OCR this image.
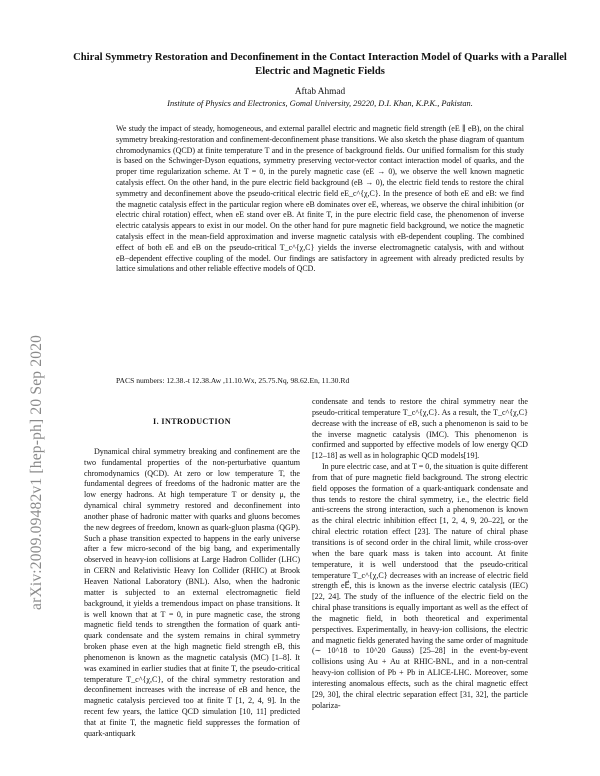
arXiv:2009.09482v1 [hep-ph] 20 Sep 2020
Chiral Symmetry Restoration and Deconfinement in the Contact Interaction Model of Quarks with a Parallel Electric and Magnetic Fields
Aftab Ahmad
Institute of Physics and Electronics, Gomal University, 29220, D.I. Khan, K.P.K., Pakistan.
We study the impact of steady, homogeneous, and external parallel electric and magnetic field strength (eE ∥ eB), on the chiral symmetry breaking-restoration and confinement-deconfinement phase transitions. We also sketch the phase diagram of quantum chromodynamics (QCD) at finite temperature T and in the presence of background fields. Our unified formalism for this study is based on the Schwinger-Dyson equations, symmetry preserving vector-vector contact interaction model of quarks, and the proper time regularization scheme. At T = 0, in the purely magnetic case (eE → 0), we observe the well known magnetic catalysis effect. On the other hand, in the pure electric field background (eB → 0), the electric field tends to restore the chiral symmetry and deconfinement above the pseudo-critical electric field eE_c^{χ,C}. In the presence of both eE and eB: we find the magnetic catalysis effect in the particular region where eB dominates over eE, whereas, we observe the chiral inhibition (or electric chiral rotation) effect, when eE stand over eB. At finite T, in the pure electric field case, the phenomenon of inverse electric catalysis appears to exist in our model. On the other hand for pure magnetic field background, we notice the magnetic catalysis effect in the mean-field approximation and inverse magnetic catalysis with eB-dependent coupling. The combined effect of both eE and eB on the pseudo-critical T_c^{χ,C} yields the inverse electromagnetic catalysis, with and without eB−dependent effective coupling of the model. Our findings are satisfactory in agreement with already predicted results by lattice simulations and other reliable effective models of QCD.
PACS numbers: 12.38.-t 12.38.Aw ,11.10.Wx, 25.75.Nq, 98.62.En, 11.30.Rd
I. INTRODUCTION

Dynamical chiral symmetry breaking and confinement are the two fundamental properties of the non-perturbative quantum chromodynamics (QCD). At zero or low temperature T, the fundamental degrees of freedoms of the hadronic matter are the low energy hadrons. At high temperature T or density μ, the dynamical chiral symmetry restored and deconfinement into another phase of hadronic matter with quarks and gluons becomes the new degrees of freedom, known as quark-gluon plasma (QGP). Such a phase transition expected to happens in the early universe after a few micro-second of the big bang, and experimentally observed in heavy-ion collisions at Large Hadron Collider (LHC) in CERN and Relativistic Heavy Ion Collider (RHIC) at Brook Heaven National Laboratory (BNL). Also, when the hadronic matter is subjected to an external electromagnetic field background, it yields a tremendous impact on phase transitions. It is well known that at T = 0, in pure magnetic case, the strong magnetic field tends to strengthen the formation of quark anti-quark condensate and the system remains in chiral symmetry broken phase even at the high magnetic field strength eB, this phenomenon is known as the magnetic catalysis (MC) [1–8]. It was examined in earlier studies that at finite T, the pseudo-critical temperature T_c^{χ,C}, of the chiral symmetry restoration and deconfinement increases with the increase of eB and hence, the magnetic catalysis percieved too at finite T [1, 2, 4, 9]. In the recent few years, the lattice QCD simulation [10, 11] predicted that at finite T, the magnetic field suppresses the formation of quark-antiquark

condensate and tends to restore the chiral symmetry near the pseudo-critical temperature T_c^{χ,C}. As a result, the T_c^{χ,C} decrease with the increase of eB, such a phenomenon is said to be the inverse magnetic catalysis (IMC). This phenomenon is confirmed and supported by effective models of low energy QCD [12–18] as well as in holographic QCD models[19].

In pure electric case, and at T = 0, the situation is quite different from that of pure magnetic field background. The strong electric field opposes the formation of a quark-antiquark condensate and thus tends to restore the chiral symmetry, i.e., the electric field anti-screens the strong interaction, such a phenomenon is known as the chiral electric inhibition effect [1, 2, 4, 9, 20–22], or the chiral electric rotation effect [23]. The nature of chiral phase transitions is of second order in the chiral limit, while cross-over when the bare quark mass is taken into account. At finite temperature, it is well understood that the pseudo-critical temperature T_c^{χ,C} decreases with an increase of electric field strength eE⃗, this is known as the inverse electric catalysis (IEC) [22, 24]. The study of the influence of the electric field on the chiral phase transitions is equally important as well as the effect of the magnetic field, in both theoretical and experimental perspectives. Experimentally, in heavy-ion collisions, the electric and magnetic fields generated having the same order of magnitude (∼ 10^18 to 10^20 Gauss) [25–28] in the event-by-event collisions using Au + Au at RHIC-BNL, and in a non-central heavy-ion collision of Pb + Pb in ALICE-LHC. Moreover, some interesting anomalous effects, such as the chiral magnetic effect [29, 30], the chiral electric separation effect [31, 32], the particle polariza-
